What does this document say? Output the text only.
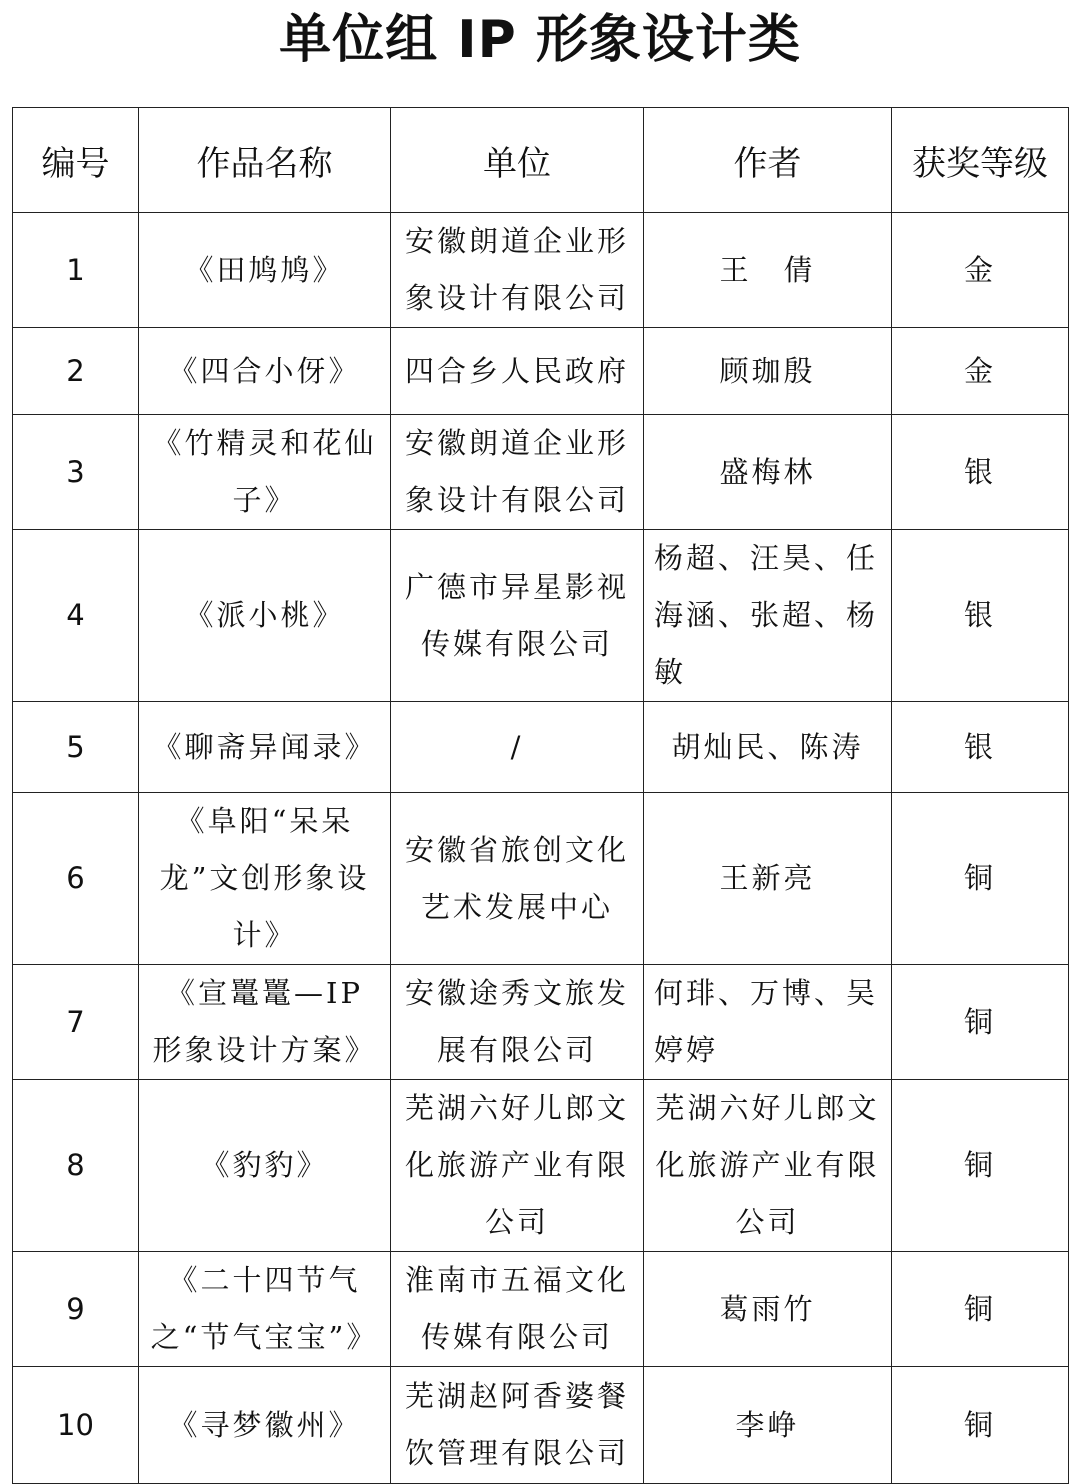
单位组 IP 形象设计类
编号	作品名称	单位	作者	获奖等级
1	《田鸠鸠》	安徽朗道企业形象设计有限公司	王　倩	金
2	《四合小伢》	四合乡人民政府	顾珈殷	金
3	《竹精灵和花仙子》	安徽朗道企业形象设计有限公司	盛梅林	银
4	《派小桃》	广德市异星影视传媒有限公司	杨超、汪昊、任海涵、张超、杨敏	银
5	《聊斋异闻录》	/	胡灿民、陈涛	银
6	《阜阳“呆呆龙”文创形象设计》	安徽省旅创文化艺术发展中心	王新亮	铜
7	《宣鼍鼍—IP 形象设计方案》	安徽途秀文旅发展有限公司	何琲、万博、吴婷婷	铜
8	《豹豹》	芜湖六好儿郎文化旅游产业有限公司	芜湖六好儿郎文化旅游产业有限公司	铜
9	《二十四节气之“节气宝宝”》	淮南市五福文化传媒有限公司	葛雨竹	铜
10	《寻梦徽州》	芜湖赵阿香婆餐饮管理有限公司	李峥	铜
